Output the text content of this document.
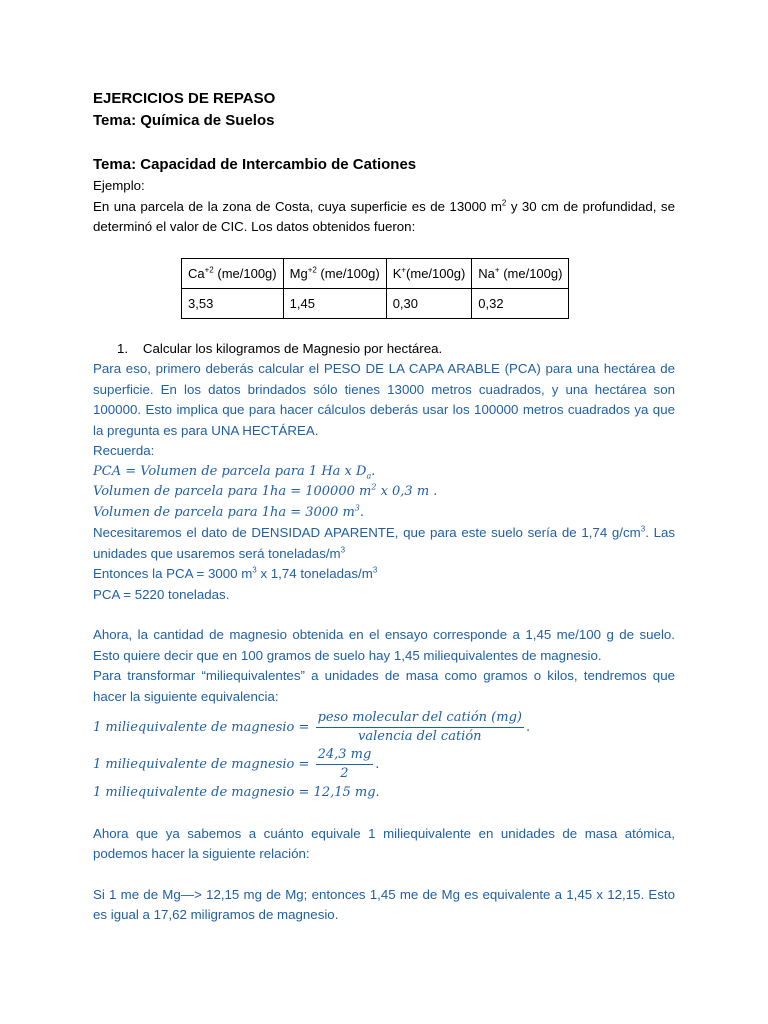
EJERCICIOS DE REPASO
Tema: Química de Suelos
Tema: Capacidad de Intercambio de Cationes

Ejemplo:

En una parcela de la zona de Costa, cuya superficie es de 13000 $m^2$ y 30 cm de profundidad, se determinó el valor de CIC. Los datos obtenidos fueron:

$Ca^{+2}$ (me/100g)	$Mg^{+2}$ (me/100g)	K+(me/100g)	Na+ (me/100g)
3,53	1,45	0,30	0,32
1. Calcular los kilogramos de Magnesio por hectárea.

Para eso, primero deberás calcular el PESO DE LA CAPA ARABLE (PCA) para una hectárea de superficie. En los datos brindados sólo tienes 13000 metros cuadrados, y una hectárea son 100000. Esto implica que para hacer cálculos deberás usar los 100000 metros cuadrados ya que la pregunta es para UNA HECTÁREA.

Recuerda:

PCA = Volumen de parcela para 1 Ha x $D_a$.
Volumen de parcela para 1ha = 100000 $m^2$ x 0,3 m .
Volumen de parcela para 1ha = 3000 $m^3$.

Necesitaremos el dato de DENSIDAD APARENTE, que para este suelo sería de 1,74 $g/cm^3$. Las unidades que usaremos será toneladas/$m^3$

Entonces la PCA = 3000 $m^3$ x 1,74 toneladas/$m^3$

PCA = 5220 toneladas.

Ahora, la cantidad de magnesio obtenida en el ensayo corresponde a 1,45 me/100 g de suelo. Esto quiere decir que en 100 gramos de suelo hay 1,45 miliequivalentes de magnesio.

Para transformar “miliequivalentes” a unidades de masa como gramos o kilos, tendremos que hacer la siguiente equivalencia:

1 miliequivalente de magnesio = $\frac{\text{peso molecular del catión (mg)}}{\text{valencia del catión}}$ .
1 miliequivalente de magnesio = $\frac{24,3 mg}{2}$ .
1 miliequivalente de magnesio = 12,15 mg.

Ahora que ya sabemos a cuánto equivale 1 miliequivalente en unidades de masa atómica, podemos hacer la siguiente relación:

Si 1 me de Mg—> 12,15 mg de Mg; entonces 1,45 me de Mg es equivalente a 1,45 x 12,15. Esto es igual a 17,62 miligramos de magnesio.
